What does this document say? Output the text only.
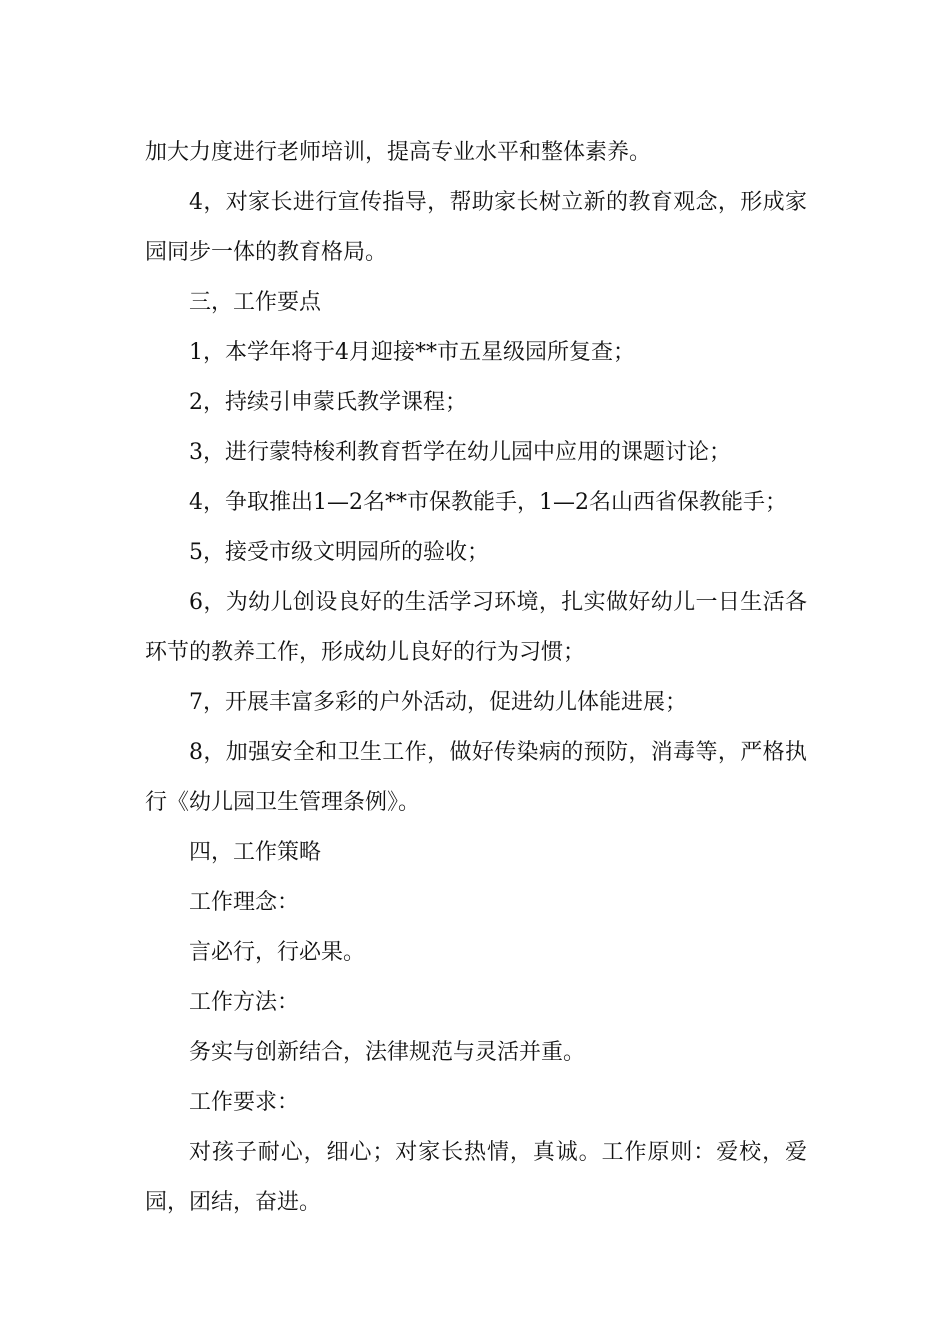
加大力度进行老师培训，提高专业水平和整体素养。

4，对家长进行宣传指导，帮助家长树立新的教育观念，形成家园同步一体的教育格局。

三，工作要点

1，本学年将于4月迎接**市五星级园所复查；

2，持续引申蒙氏教学课程；

3，进行蒙特梭利教育哲学在幼儿园中应用的课题讨论；

4，争取推出1—2名**市保教能手，1—2名山西省保教能手；

5，接受市级文明园所的验收；

6，为幼儿创设良好的生活学习环境，扎实做好幼儿一日生活各环节的教养工作，形成幼儿良好的行为习惯；

7，开展丰富多彩的户外活动，促进幼儿体能进展；

8，加强安全和卫生工作，做好传染病的预防，消毒等，严格执行《幼儿园卫生管理条例》。

四，工作策略

工作理念：

言必行，行必果。

工作方法：

务实与创新结合，法律规范与灵活并重。

工作要求：

对孩子耐心，细心；对家长热情，真诚。工作原则：爱校，爱园，团结，奋进。
